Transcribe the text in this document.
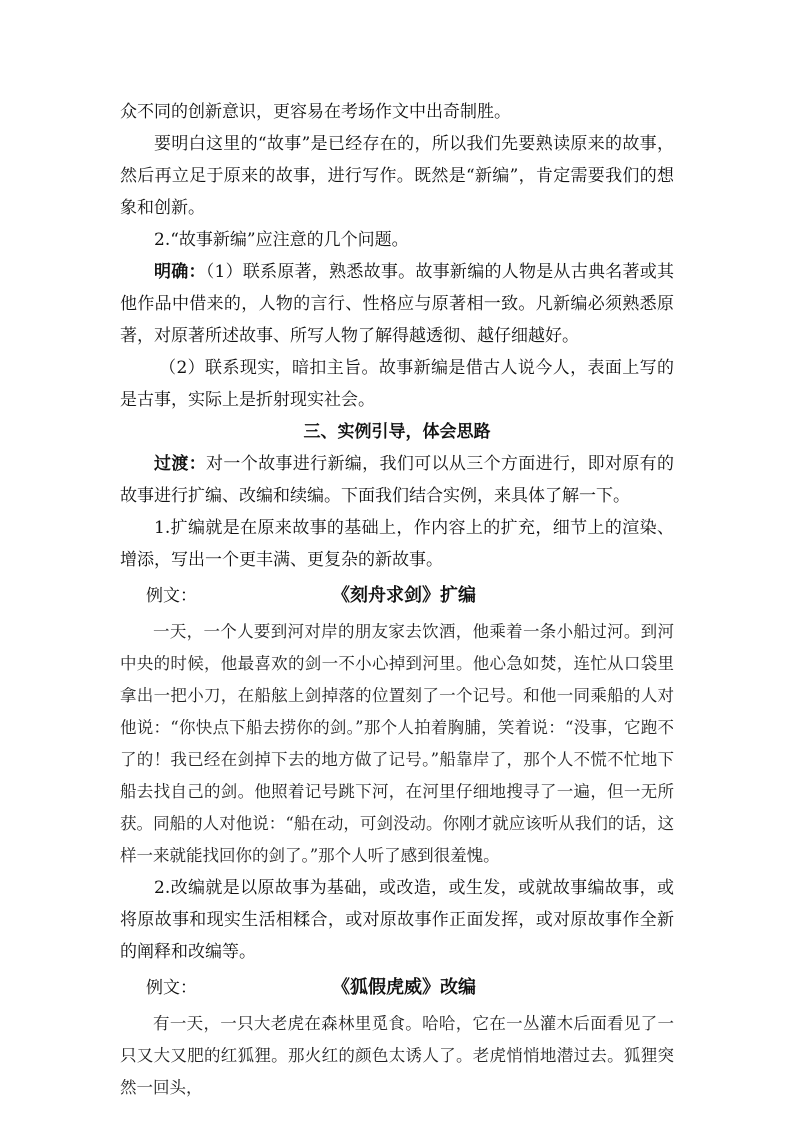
众不同的创新意识，更容易在考场作文中出奇制胜。

要明白这里的“故事”是已经存在的，所以我们先要熟读原来的故事，然后再立足于原来的故事，进行写作。既然是“新编”，肯定需要我们的想象和创新。

2.“故事新编”应注意的几个问题。

明确：（1）联系原著，熟悉故事。故事新编的人物是从古典名著或其他作品中借来的，人物的言行、性格应与原著相一致。凡新编必须熟悉原著，对原著所述故事、所写人物了解得越透彻、越仔细越好。

（2）联系现实，暗扣主旨。故事新编是借古人说今人，表面上写的是古事，实际上是折射现实社会。

三、实例引导，体会思路

过渡：对一个故事进行新编，我们可以从三个方面进行，即对原有的故事进行扩编、改编和续编。下面我们结合实例，来具体了解一下。

1.扩编就是在原来故事的基础上，作内容上的扩充，细节上的渲染、增添，写出一个更丰满、更复杂的新故事。

例文：	《刻舟求剑》扩编

一天，一个人要到河对岸的朋友家去饮酒，他乘着一条小船过河。到河中央的时候，他最喜欢的剑一不小心掉到河里。他心急如焚，连忙从口袋里拿出一把小刀，在船舷上剑掉落的位置刻了一个记号。和他一同乘船的人对他说：“你快点下船去捞你的剑。”那个人拍着胸脯，笑着说：“没事，它跑不了的！我已经在剑掉下去的地方做了记号。”船靠岸了，那个人不慌不忙地下船去找自己的剑。他照着记号跳下河，在河里仔细地搜寻了一遍，但一无所获。同船的人对他说：“船在动，可剑没动。你刚才就应该听从我们的话，这样一来就能找回你的剑了。”那个人听了感到很羞愧。

2.改编就是以原故事为基础，或改造，或生发，或就故事编故事，或将原故事和现实生活相糅合，或对原故事作正面发挥，或对原故事作全新的阐释和改编等。

例文：	《狐假虎威》改编

有一天，一只大老虎在森林里觅食。哈哈，它在一丛灌木后面看见了一只又大又肥的红狐狸。那火红的颜色太诱人了。老虎悄悄地潜过去。狐狸突然一回头，
